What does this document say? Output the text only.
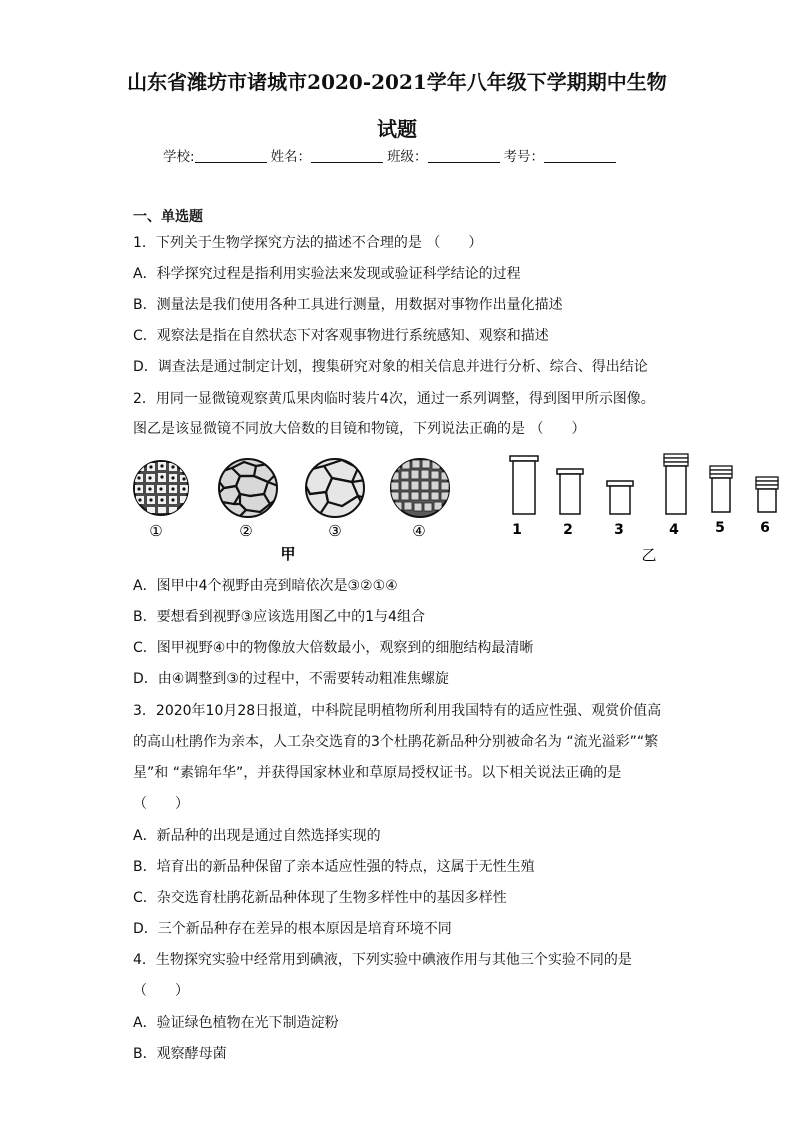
山东省潍坊市诸城市2020-2021学年八年级下学期期中生物
试题
学校:	姓名：	班级：	考号：
一、单选题
1．下列关于生物学探究方法的描述不合理的是 （　　）
A．科学探究过程是指利用实验法来发现或验证科学结论的过程
B．测量法是我们使用各种工具进行测量，用数据对事物作出量化描述
C．观察法是指在自然状态下对客观事物进行系统感知、观察和描述
D．调查法是通过制定计划，搜集研究对象的相关信息并进行分析、综合、得出结论
2．用同一显微镜观察黄瓜果肉临时装片4次，通过一系列调整，得到图甲所示图像。
图乙是该显微镜不同放大倍数的目镜和物镜，下列说法正确的是 （　　）
①	②	③	④
甲
1	2	3	4	5	6
乙
A．图甲中4个视野由亮到暗依次是③②①④
B．要想看到视野③应该选用图乙中的1与4组合
C．图甲视野④中的物像放大倍数最小，观察到的细胞结构最清晰
D．由④调整到③的过程中，不需要转动粗准焦螺旋
3．2020年10月28日报道，中科院昆明植物所利用我国特有的适应性强、观赏价值高
的高山杜鹃作为亲本，人工杂交选育的3个杜鹃花新品种分别被命名为 “流光溢彩”“繁
星”和 “素锦年华”，并获得国家林业和草原局授权证书。以下相关说法正确的是
（　　）
A．新品种的出现是通过自然选择实现的
B．培育出的新品种保留了亲本适应性强的特点，这属于无性生殖
C．杂交选育杜鹃花新品种体现了生物多样性中的基因多样性
D．三个新品种存在差异的根本原因是培育环境不同
4．生物探究实验中经常用到碘液，下列实验中碘液作用与其他三个实验不同的是
（　　）
A．验证绿色植物在光下制造淀粉
B．观察酵母菌
